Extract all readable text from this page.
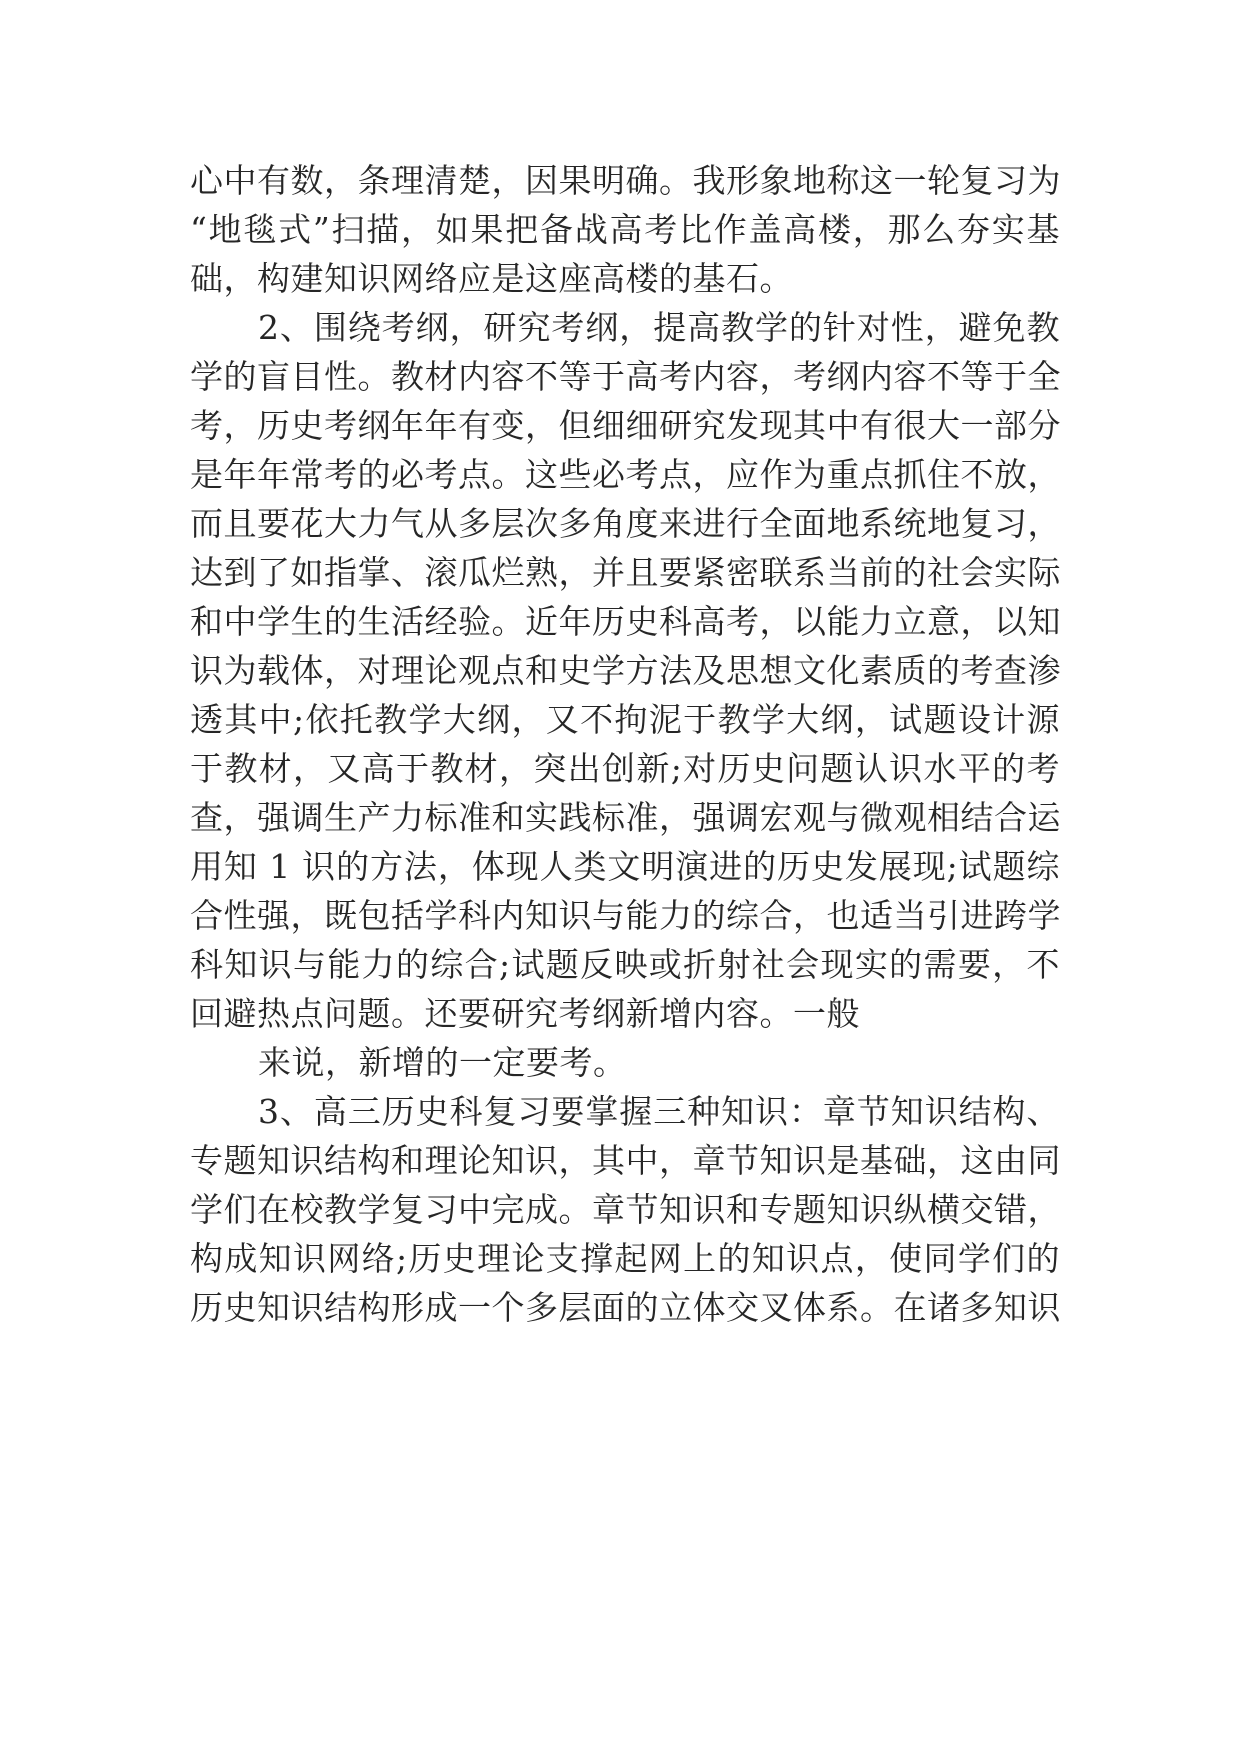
心中有数，条理清楚，因果明确。我形象地称这一轮复习为
“地毯式”扫描，如果把备战高考比作盖高楼，那么夯实基
础，构建知识网络应是这座高楼的基石。
2、围绕考纲，研究考纲，提高教学的针对性，避免教
学的盲目性。教材内容不等于高考内容，考纲内容不等于全
考，历史考纲年年有变，但细细研究发现其中有很大一部分
是年年常考的必考点。这些必考点，应作为重点抓住不放，
而且要花大力气从多层次多角度来进行全面地系统地复习，
达到了如指掌、滚瓜烂熟，并且要紧密联系当前的社会实际
和中学生的生活经验。近年历史科高考，以能力立意，以知
识为载体，对理论观点和史学方法及思想文化素质的考查渗
透其中;依托教学大纲，又不拘泥于教学大纲，试题设计源
于教材，又高于教材，突出创新;对历史问题认识水平的考
查，强调生产力标准和实践标准，强调宏观与微观相结合运
用知 1 识的方法，体现人类文明演进的历史发展现;试题综
合性强，既包括学科内知识与能力的综合，也适当引进跨学
科知识与能力的综合;试题反映或折射社会现实的需要，不
回避热点问题。还要研究考纲新增内容。一般
来说，新增的一定要考。
3、高三历史科复习要掌握三种知识：章节知识结构、
专题知识结构和理论知识，其中，章节知识是基础，这由同
学们在校教学复习中完成。章节知识和专题知识纵横交错，
构成知识网络;历史理论支撑起网上的知识点，使同学们的
历史知识结构形成一个多层面的立体交叉体系。在诸多知识
